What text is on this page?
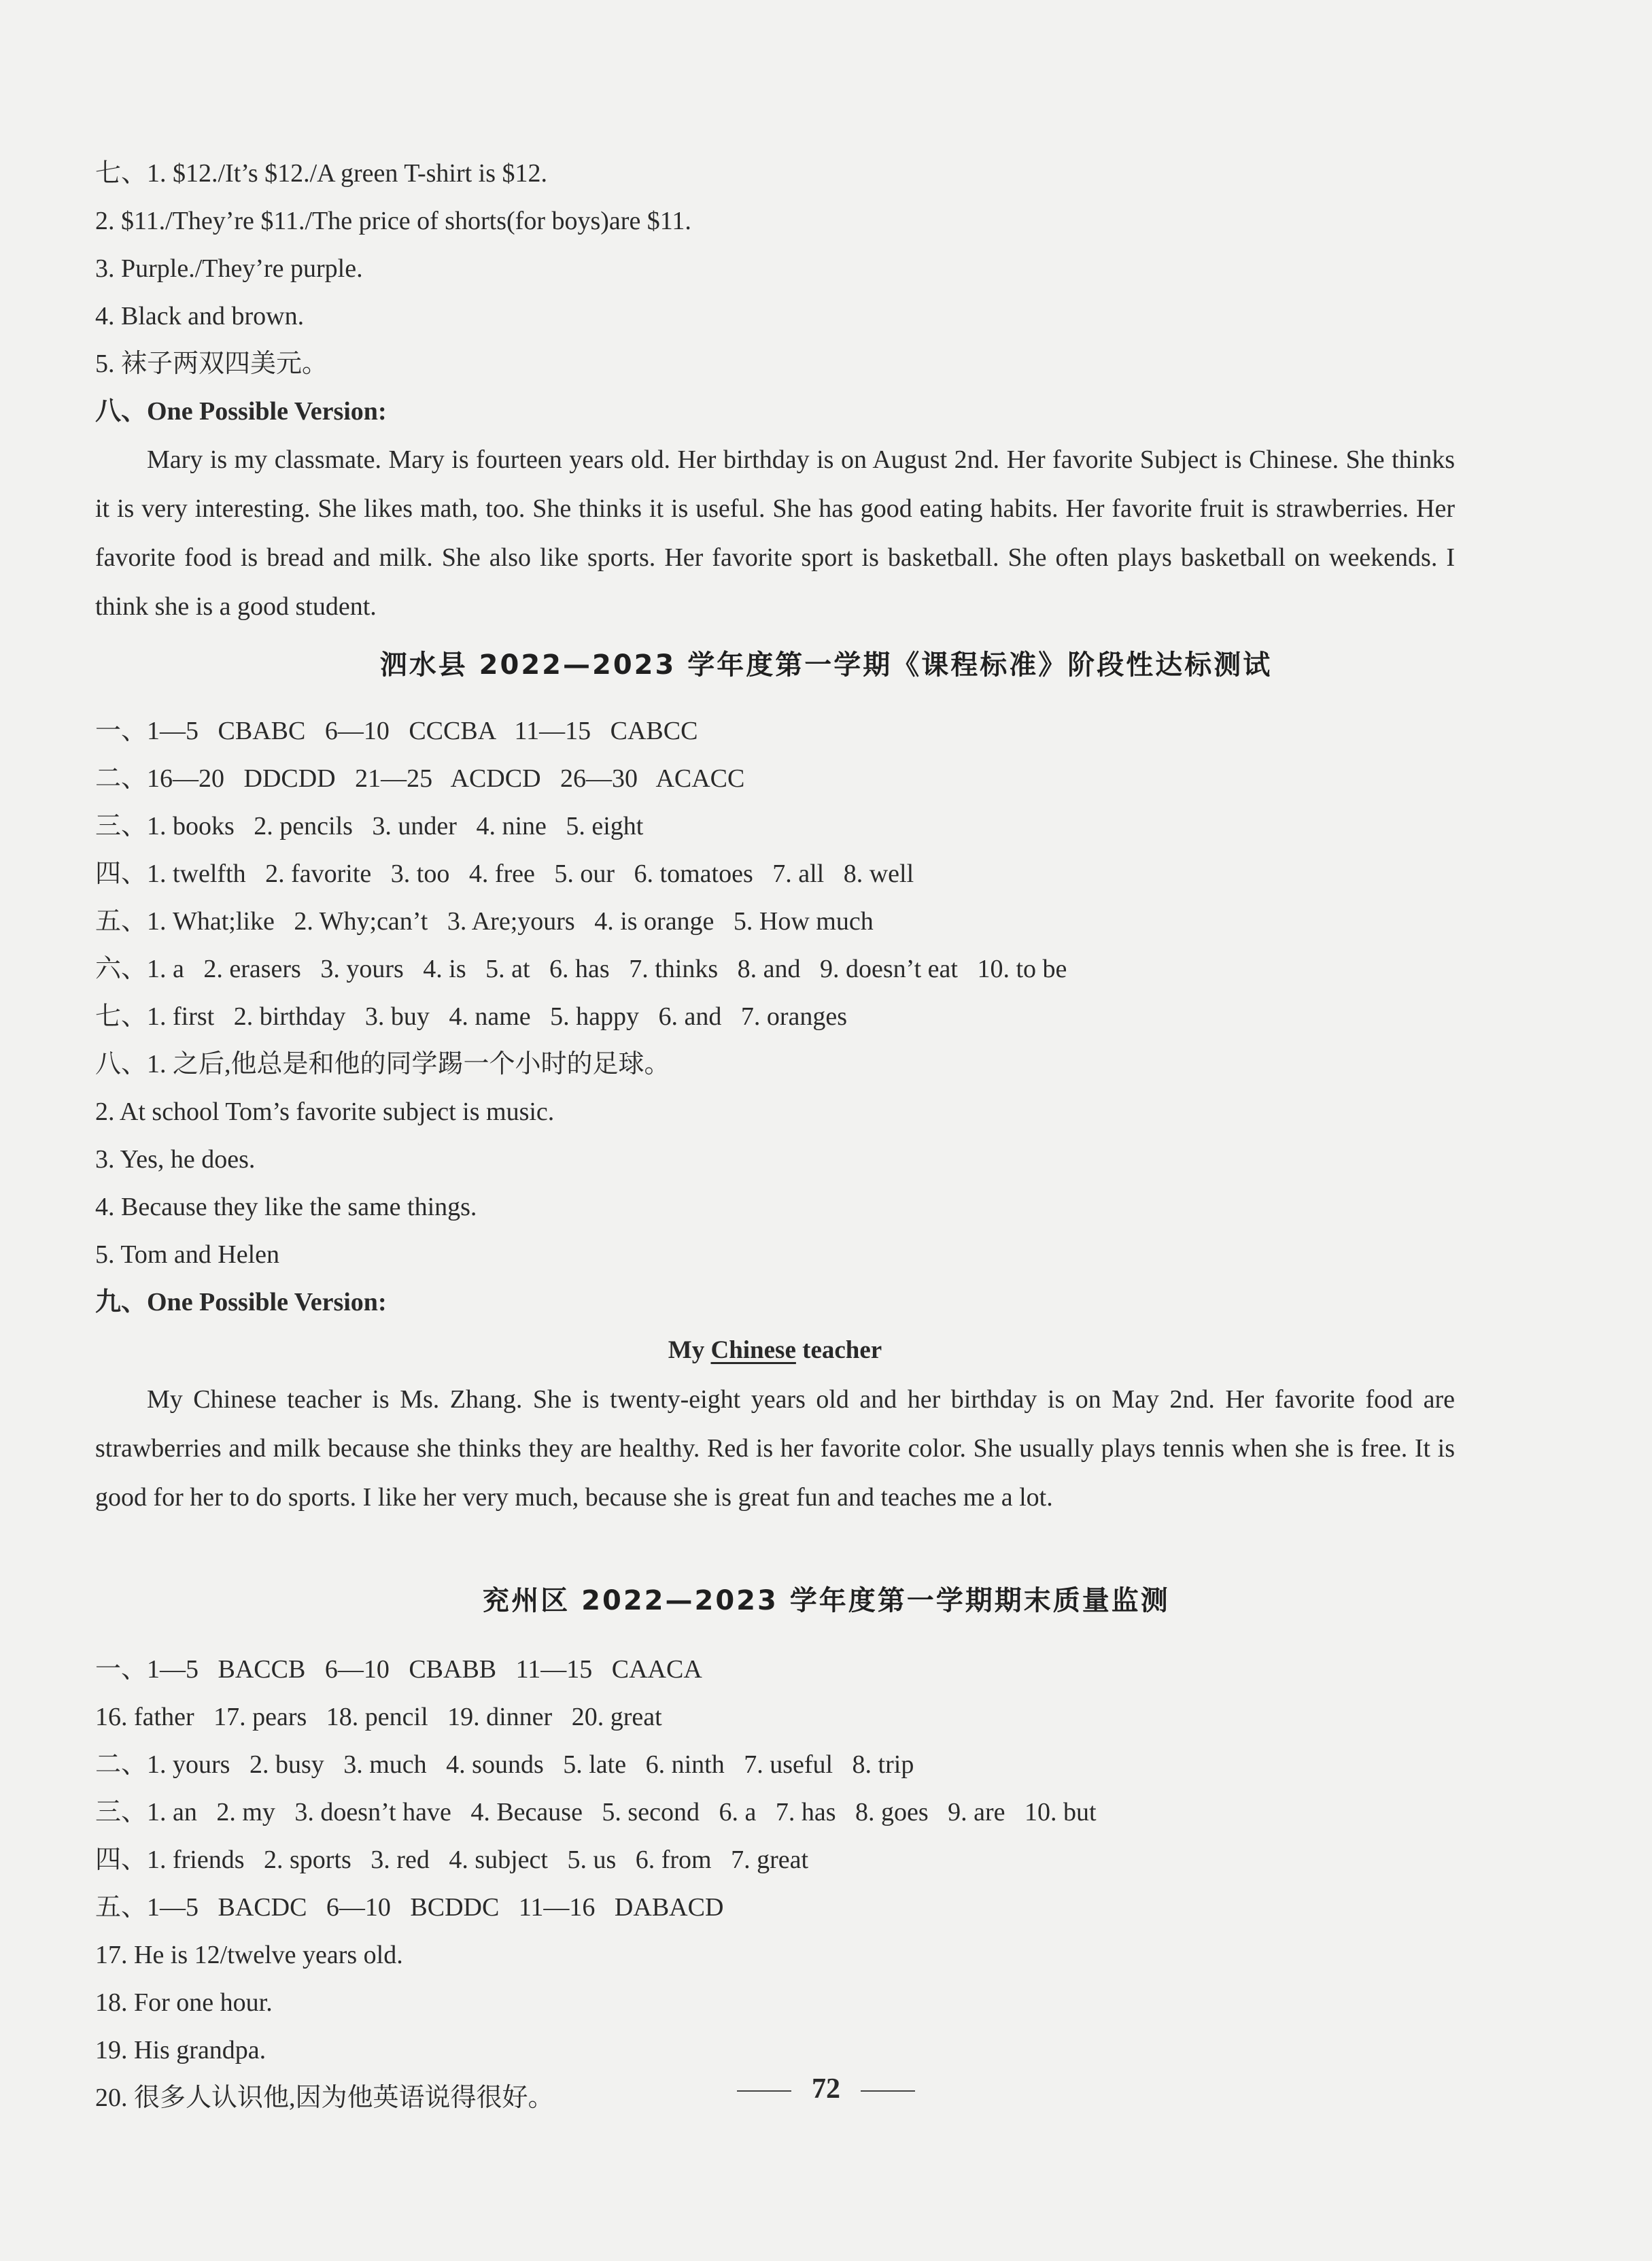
七、1. $12./It’s $12./A green T-shirt is $12.
2. $11./They’re $11./The price of shorts(for boys)are $11.
3. Purple./They’re purple.
4. Black and brown.
5. 袜子两双四美元。
八、One Possible Version:

Mary is my classmate. Mary is fourteen years old. Her birthday is on August 2nd. Her favorite Subject is Chinese. She thinks it is very interesting. She likes math, too. She thinks it is useful. She has good eating habits. Her favorite fruit is strawberries. Her favorite food is bread and milk. She also like sports. Her favorite sport is basketball. She often plays basketball on weekends. I think she is a good student.

泗水县 2022—2023 学年度第一学期《课程标准》阶段性达标测试
一、1—5   CBABC   6—10   CCCBA   11—15   CABCC
二、16—20   DDCDD   21—25   ACDCD   26—30   ACACC
三、1. books   2. pencils   3. under   4. nine   5. eight
四、1. twelfth   2. favorite   3. too   4. free   5. our   6. tomatoes   7. all   8. well
五、1. What;like   2. Why;can’t   3. Are;yours   4. is orange   5. How much
六、1. a   2. erasers   3. yours   4. is   5. at   6. has   7. thinks   8. and   9. doesn’t eat   10. to be
七、1. first   2. birthday   3. buy   4. name   5. happy   6. and   7. oranges
八、1. 之后,他总是和他的同学踢一个小时的足球。
2. At school Tom’s favorite subject is music.
3. Yes, he does.
4. Because they like the same things.
5. Tom and Helen
九、One Possible Version:
My Chinese teacher

My Chinese teacher is Ms. Zhang. She is twenty-eight years old and her birthday is on May 2nd. Her favorite food are strawberries and milk because she thinks they are healthy. Red is her favorite color. She usually plays tennis when she is free. It is good for her to do sports. I like her very much, because she is great fun and teaches me a lot.

兖州区 2022—2023 学年度第一学期期末质量监测
一、1—5   BACCB   6—10   CBABB   11—15   CAACA
16. father   17. pears   18. pencil   19. dinner   20. great
二、1. yours   2. busy   3. much   4. sounds   5. late   6. ninth   7. useful   8. trip
三、1. an   2. my   3. doesn’t have   4. Because   5. second   6. a   7. has   8. goes   9. are   10. but
四、1. friends   2. sports   3. red   4. subject   5. us   6. from   7. great
五、1—5   BACDC   6—10   BCDDC   11—16   DABACD
17. He is 12/twelve years old.
18. For one hour.
19. His grandpa.
20. 很多人认识他,因为他英语说得很好。	72
